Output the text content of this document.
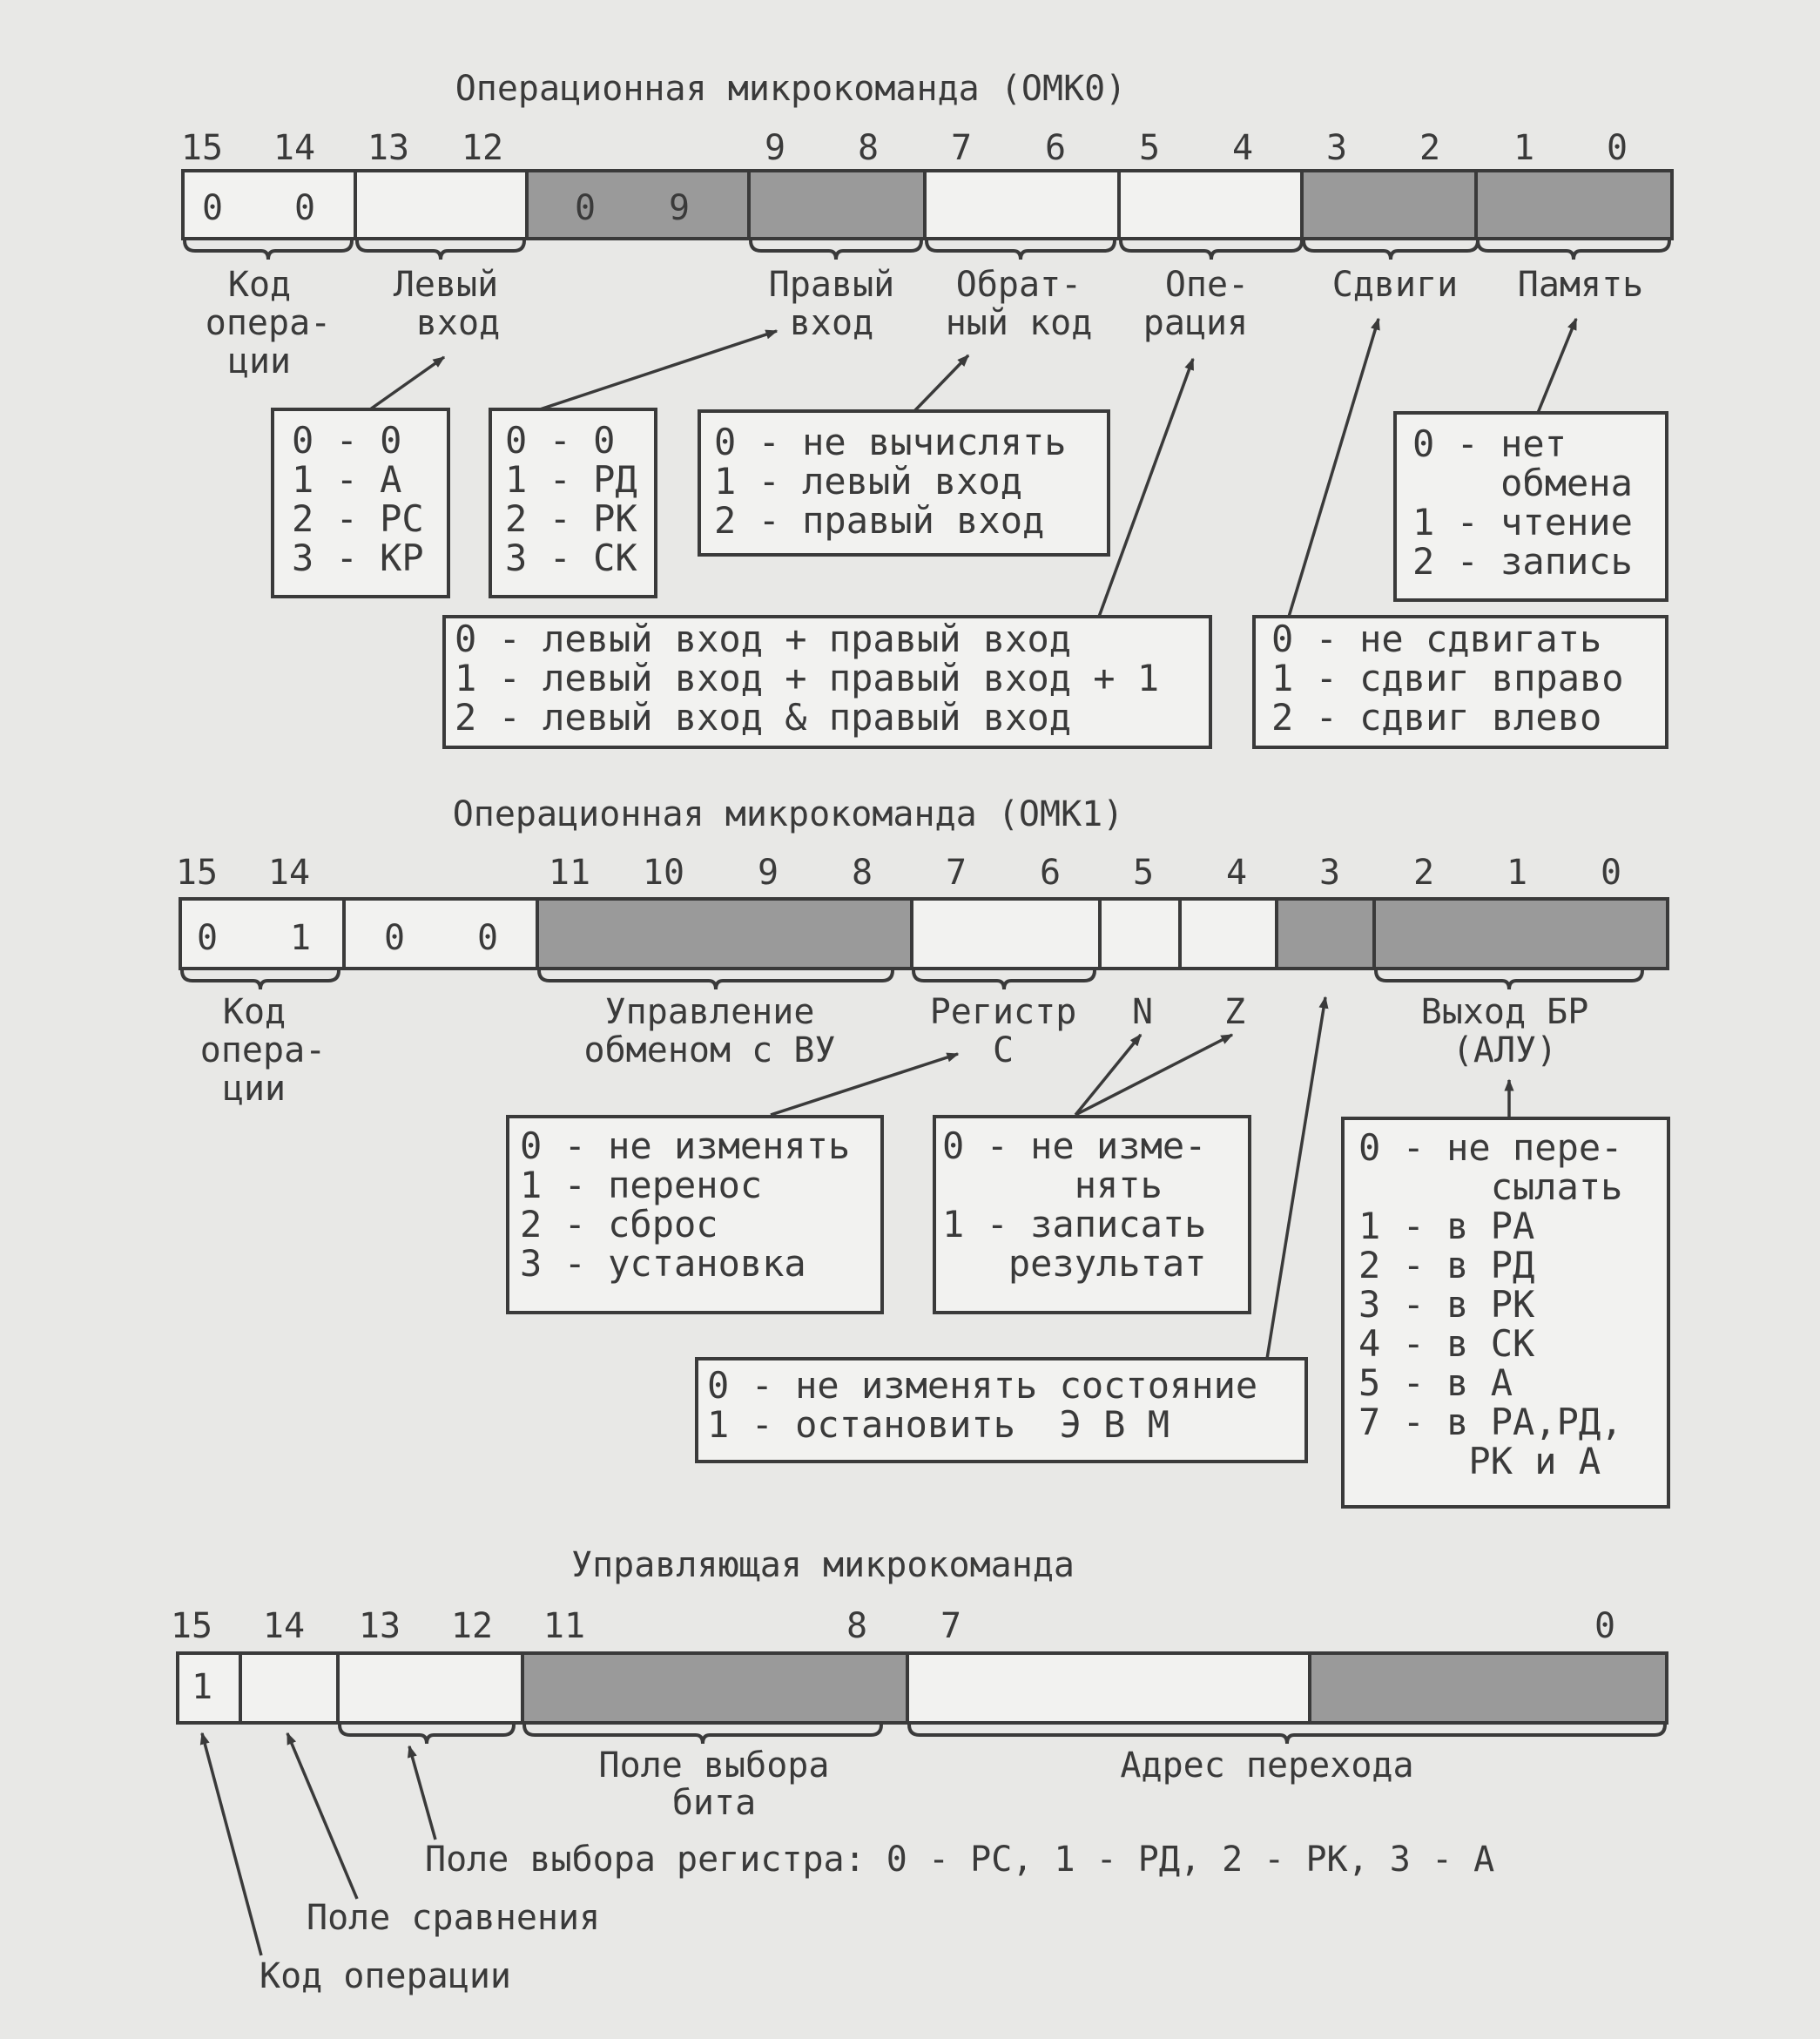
Операционная микрокоманда (ОМК0)
15 14 13 12	9 8 7 6 5 4 3 2 1 0
0 0	0 9
Код
опера-
ции
Левый
вход
Правый
вход
Обрат-
ный код
Опе-
рация
Сдвиги Память
0 - 0
1 - А
2 - РС
3 - КР
0 - 0
1 - РД
2 - РК
3 - СК
0 - не вычислять
1 - левый вход
2 - правый вход
0 - нет
обмена
1 - чтение
2 - запись
0 - левый вход + правый вход
1 - левый вход + правый вход + 1
2 - левый вход & правый вход
0 - не сдвигать
1 - сдвиг вправо
2 - сдвиг влево
Операционная микрокоманда (ОМК1)
15 14	11 10 9 8 7 6 5 4 3 2 1 0
0 1 0 0
Код
опера-
ции
Управление
обменом с ВУ
Регистр
С
N Z	Выход БР
(АЛУ)
0 - не изменять
1 - перенос
2 - сброс
3 - установка
0 - не изме-
нять
1 - записать
результат
0 - не пере-
сылать
1 - в РА
2 - в РД
3 - в РК
4 - в СК
5 - в А
7 - в РА,РД,
РК и А
0 - не изменять состояние
1 - остановить  Э В М
Управляющая микрокоманда
15 14 13 12 11	8 7	0
1
Поле выбора
бита
Адрес перехода
Поле выбора регистра: 0 - РС, 1 - РД, 2 - РК, 3 - А
Поле сравнения
Код операции
